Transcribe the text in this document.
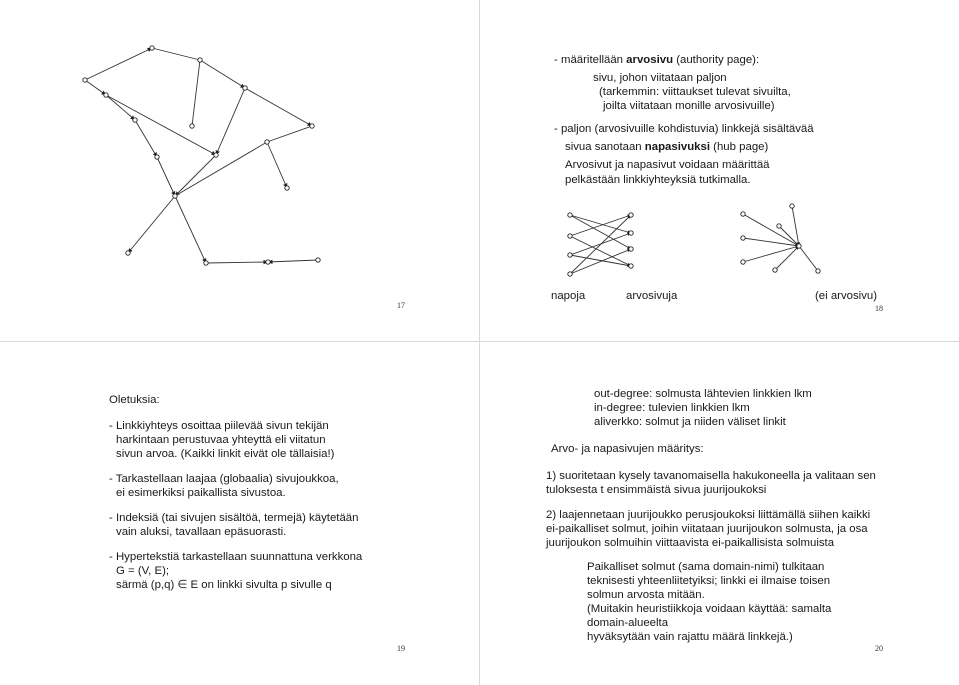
17
- määritellään arvosivu (authority page):
sivu, johon viitataan paljon
(tarkemmin: viittaukset tulevat sivuilta,
joilta viitataan monille arvosivuille)
- paljon (arvosivuille kohdistuvia) linkkejä sisältävää
sivua sanotaan napasivuksi (hub page)
Arvosivut ja napasivut voidaan määrittää
pelkästään linkkiyhteyksiä tutkimalla.
napoja	arvosivuja	(ei arvosivu)
18
Oletuksia:
- Linkkiyhteys osoittaa piilevää sivun tekijän
harkintaan perustuvaa yhteyttä eli viitatun
sivun arvoa. (Kaikki linkit eivät ole tällaisia!)
- Tarkastellaan laajaa (globaalia) sivujoukkoa,
ei esimerkiksi paikallista sivustoa.
- Indeksiä (tai sivujen sisältöä, termejä) käytetään
vain aluksi, tavallaan epäsuorasti.
- Hypertekstiä tarkastellaan suunnattuna verkkona
G = (V, E);
särmä (p,q) ∈ E on linkki sivulta p sivulle q
19
out-degree: solmusta lähtevien linkkien lkm
in-degree: tulevien linkkien lkm
aliverkko: solmut ja niiden väliset linkit
Arvo- ja napasivujen määritys:
1) suoritetaan kysely tavanomaisella hakukoneella ja valitaan sen
tuloksesta t ensimmäistä sivua juurijoukoksi
2) laajennetaan juurijoukko perusjoukoksi liittämällä siihen kaikki
ei-paikalliset solmut, joihin viitataan juurijoukon solmusta, ja osa
juurijoukon solmuihin viittaavista ei-paikallisista solmuista
Paikalliset solmut (sama domain-nimi) tulkitaan
teknisesti yhteenliitetyiksi; linkki ei ilmaise toisen
solmun arvosta mitään.
(Muitakin heuristiikkoja voidaan käyttää: samalta
domain-alueelta
hyväksytään vain rajattu määrä linkkejä.)
20
